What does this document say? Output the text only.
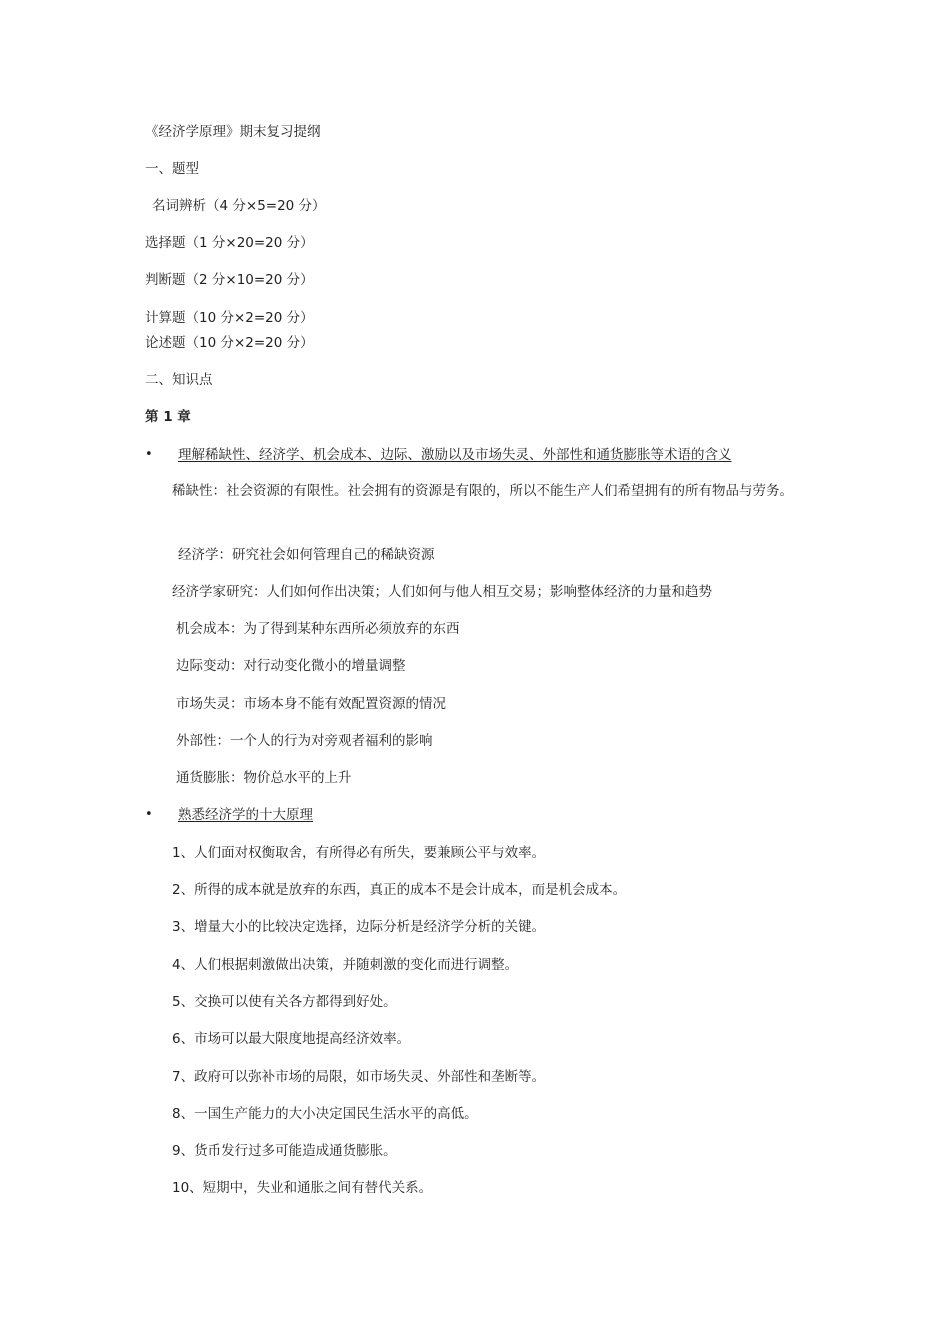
《经济学原理》期末复习提纲
一、题型
名词辨析（4 分×5=20 分）
选择题（1 分×20=20 分）
判断题（2 分×10=20 分）
计算题（10 分×2=20 分）
论述题（10 分×2=20 分）
二、知识点
第 1 章
• 理解稀缺性、经济学、机会成本、边际、激励以及市场失灵、外部性和通货膨胀等术语的含义
稀缺性：社会资源的有限性。社会拥有的资源是有限的，所以不能生产人们希望拥有的所有物品与劳务。
经济学：研究社会如何管理自己的稀缺资源
经济学家研究：人们如何作出决策；人们如何与他人相互交易；影响整体经济的力量和趋势
机会成本：为了得到某种东西所必须放弃的东西
边际变动：对行动变化微小的增量调整
市场失灵：市场本身不能有效配置资源的情况
外部性：一个人的行为对旁观者福利的影响
通货膨胀：物价总水平的上升
• 熟悉经济学的十大原理
1、人们面对权衡取舍，有所得必有所失，要兼顾公平与效率。
2、所得的成本就是放弃的东西，真正的成本不是会计成本，而是机会成本。
3、增量大小的比较决定选择，边际分析是经济学分析的关键。
4、人们根据刺激做出决策，并随刺激的变化而进行调整。
5、交换可以使有关各方都得到好处。
6、市场可以最大限度地提高经济效率。
7、政府可以弥补市场的局限，如市场失灵、外部性和垄断等。
8、一国生产能力的大小决定国民生活水平的高低。
9、货币发行过多可能造成通货膨胀。
10、短期中，失业和通胀之间有替代关系。
